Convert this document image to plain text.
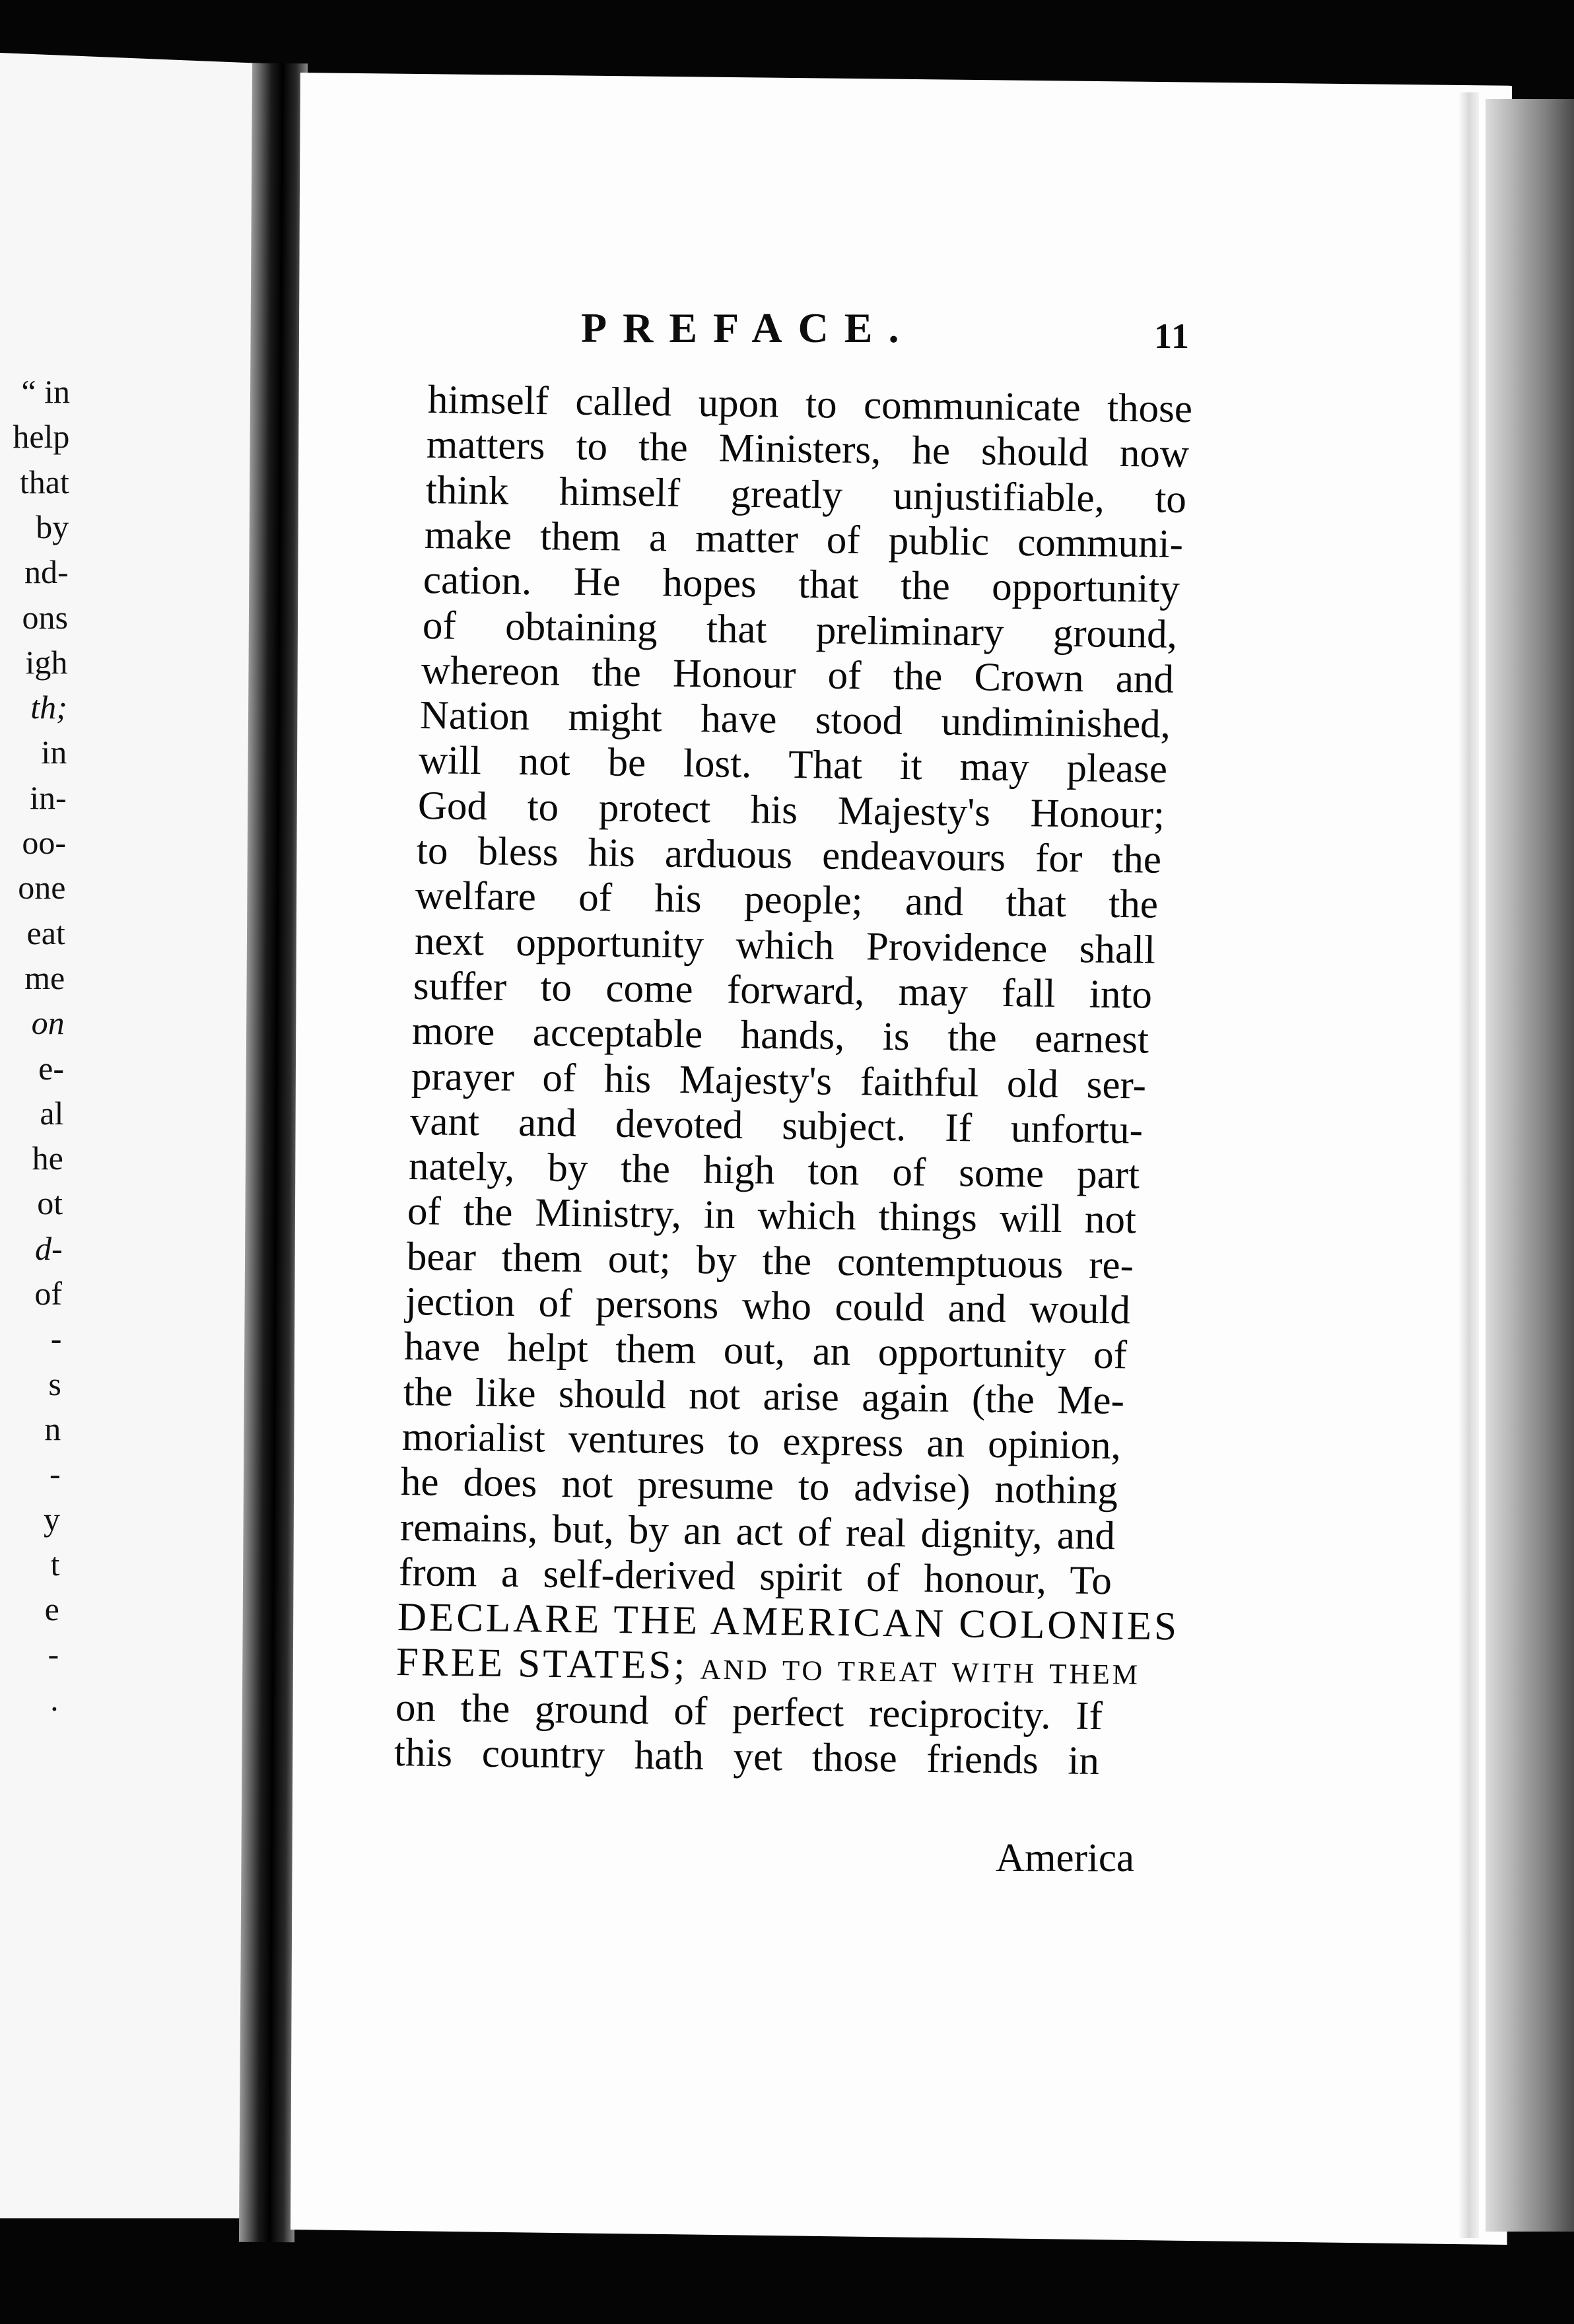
“ in
help
that
by
nd-
ons
igh
th;
in
in-
oo-
one
eat
me
on
e-
al
he
ot
d-
of
-
s
n
-
y
t
e
-
.
PREFACE.	11
himself called upon to communicate those
matters to the Ministers, he should now
think himself greatly unjustifiable, to
make them a matter of public communi-
cation. He hopes that the opportunity
of obtaining that preliminary ground,
whereon the Honour of the Crown and
Nation might have stood undiminished,
will not be lost. That it may please
God to protect his Majesty's Honour;
to bless his arduous endeavours for the
welfare of his people; and that the
next opportunity which Providence shall
suffer to come forward, may fall into
more acceptable hands, is the earnest
prayer of his Majesty's faithful old ser-
vant and devoted subject. If unfortu-
nately, by the high ton of some part
of the Ministry, in which things will not
bear them out; by the contemptuous re-
jection of persons who could and would
have helpt them out, an opportunity of
the like should not arise again (the Me-
morialist ventures to express an opinion,
he does not presume to advise) nothing
remains, but, by an act of real dignity, and
from a self-derived spirit of honour, To
DECLARE THE AMERICAN COLONIES
FREE STATES; and to treat with them
on the ground of perfect reciprocity. If
this country hath yet those friends in
America
